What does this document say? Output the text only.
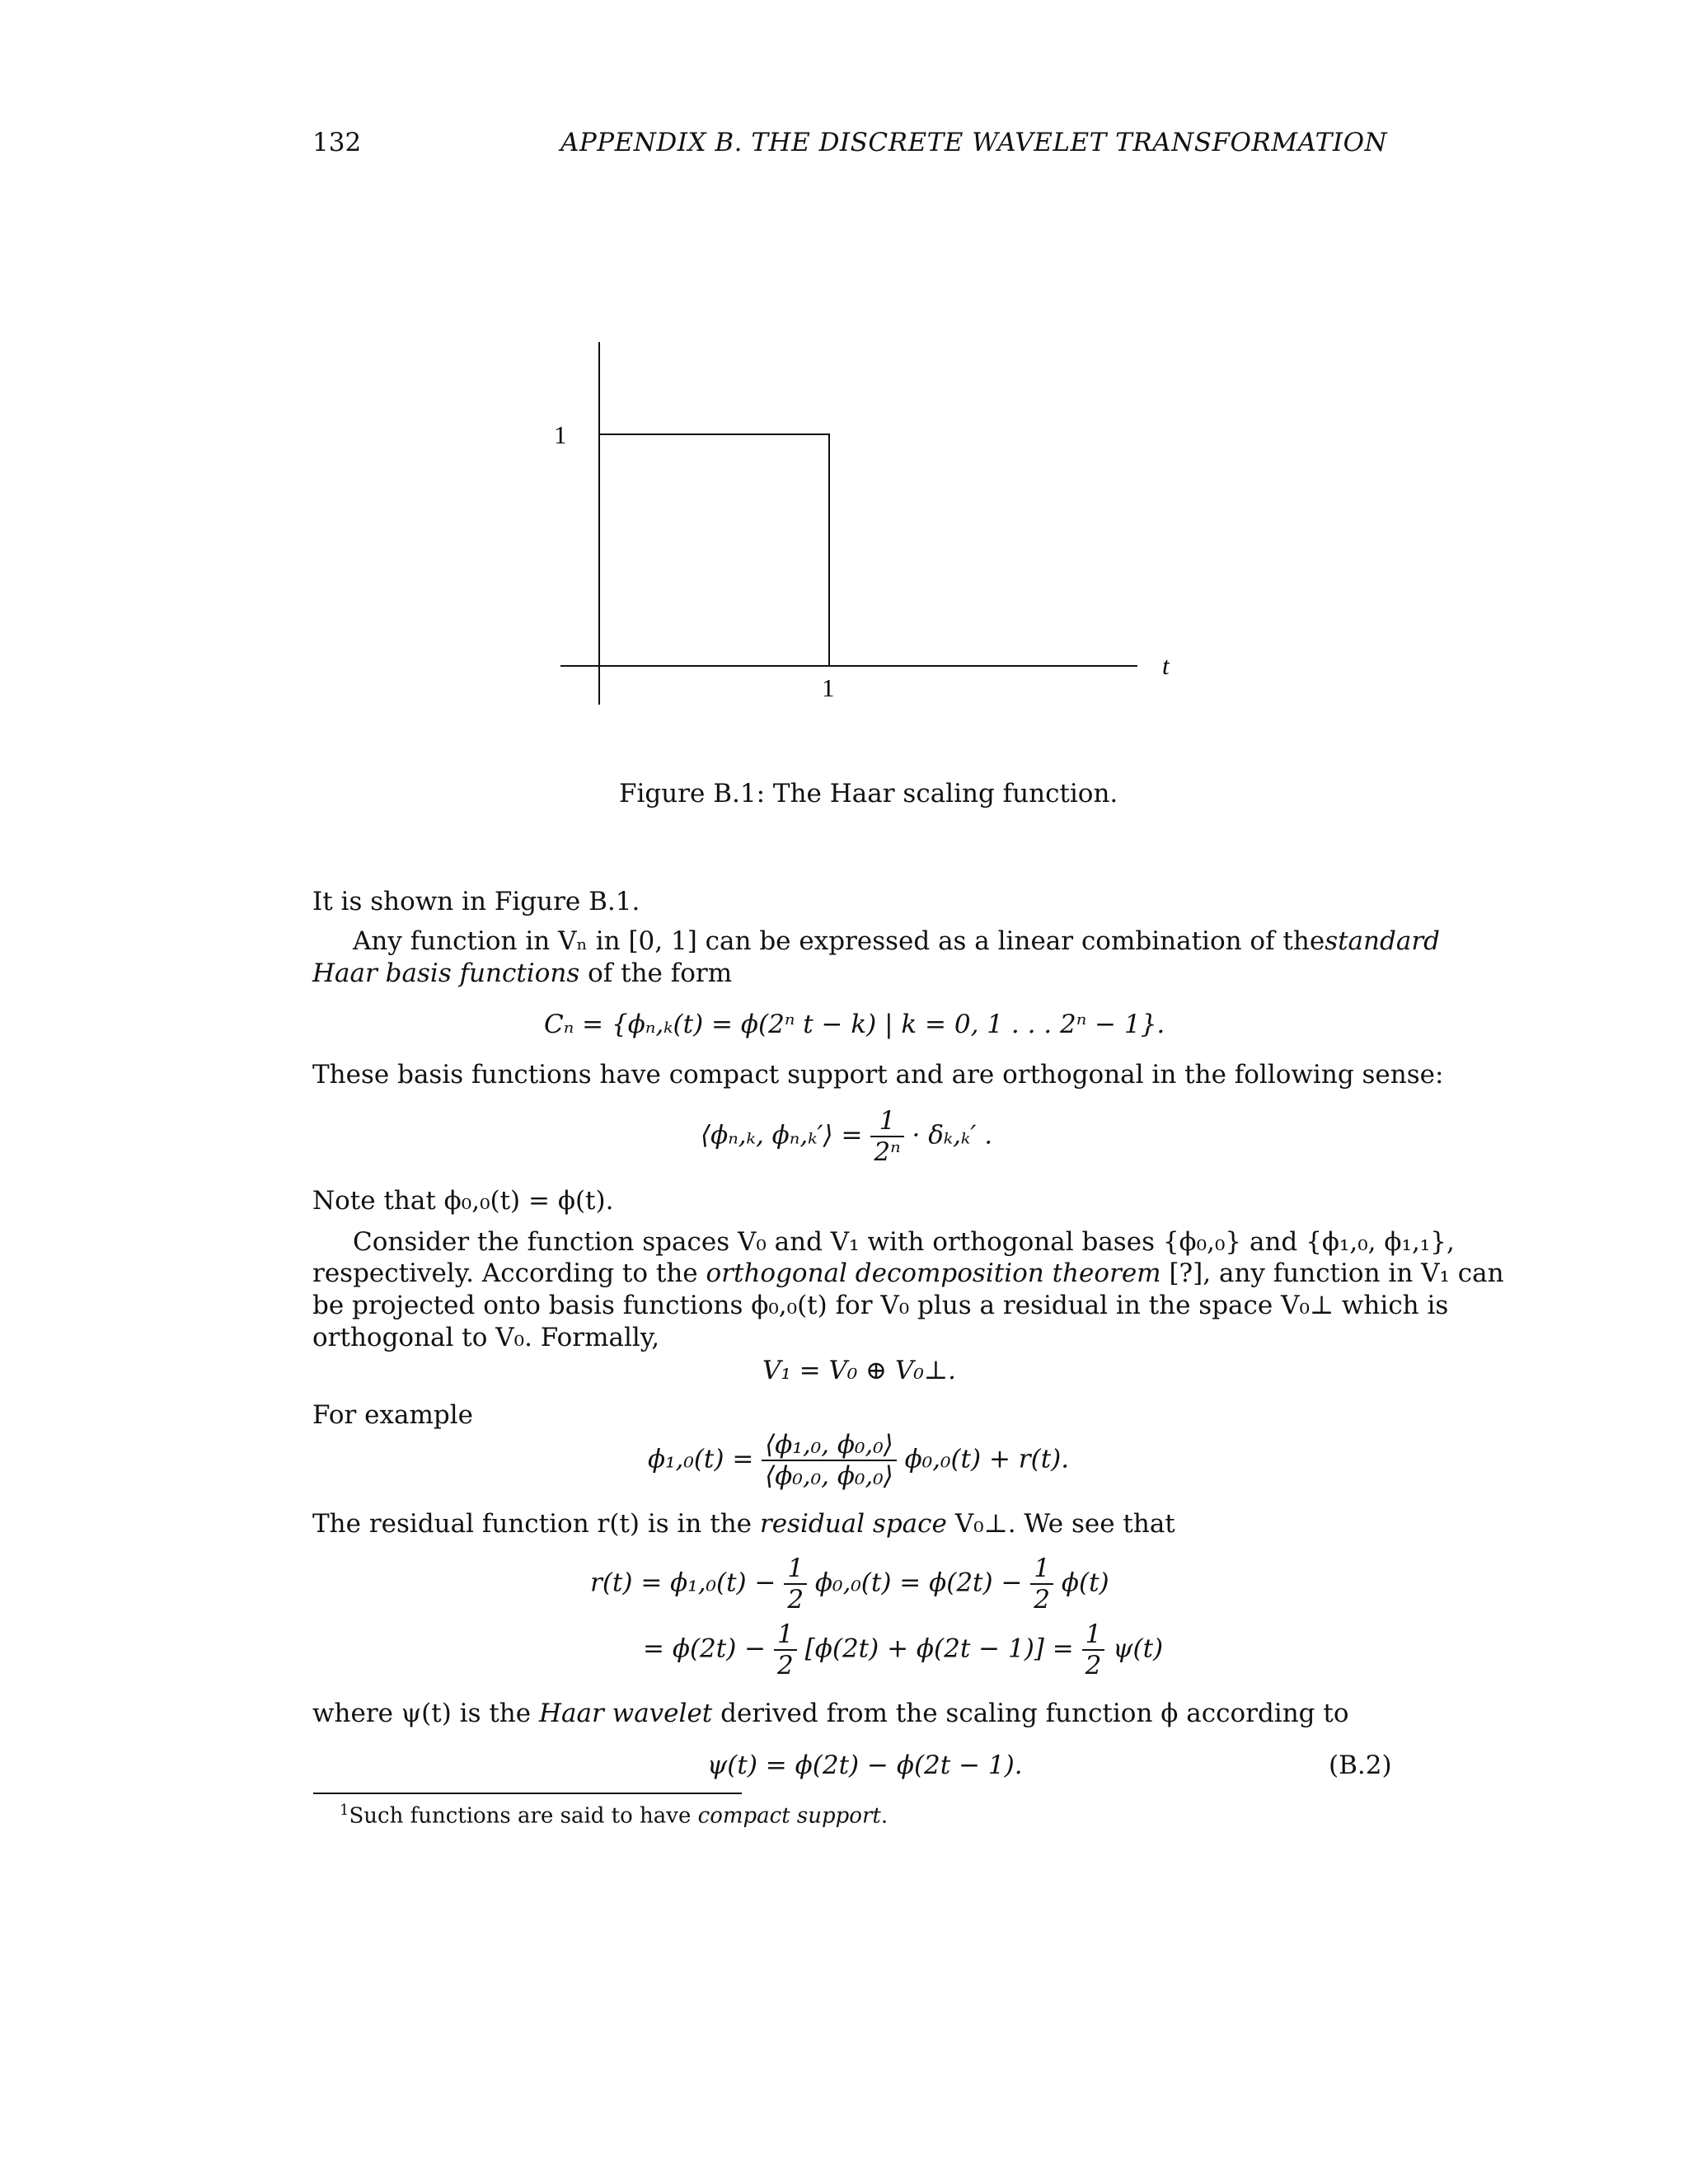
132	APPENDIX B. THE DISCRETE WAVELET TRANSFORMATION
1
1
t
Figure B.1: The Haar scaling function.
It is shown in Figure B.1.
Any function in Vₙ in [0, 1] can be expressed as a linear combination of the standard
Haar basis functions of the form
Cₙ = {ϕₙ,ₖ(t) = ϕ(2ⁿ t − k) | k = 0, 1 . . . 2ⁿ − 1}.
These basis functions have compact support and are orthogonal in the following sense:
⟨ϕₙ,ₖ, ϕₙ,ₖ′⟩ = $\frac{1}{\text{2ⁿ}} \cdot \delta_k,_k'$ .
Note that ϕ₀,₀(t) = ϕ(t).
Consider the function spaces V₀ and V₁ with orthogonal bases {ϕ₀,₀} and {ϕ₁,₀, ϕ₁,₁},
respectively. According to the orthogonal decomposition theorem [?], any function in V₁ can
be projected onto basis functions ϕ₀,₀(t) for V₀ plus a residual in the space V₀⊥ which is
orthogonal to V₀. Formally,
V₁ = V₀ ⊕ V₀⊥.
For example
$\phi_1,_0(t) = \frac{\text{⟨ϕ₁,₀, ϕ₀,₀⟩}}{\text{⟨ϕ₀,₀, ϕ₀,₀⟩}} \phi_0,_0(t) + r(t)$.
The residual function r(t) is in the residual space V₀⊥. We see that
$r(t) = \phi_1,_0(t) - \frac{1}{2} \phi_0,_0(t) = \phi(2t) - \frac{1}{2} \phi(t)$
= $\phi(2t) - \frac{1}{2} [\phi(2t) + \phi(2t - 1)] = \frac{1}{2} \psi(t)$
where ψ(t) is the Haar wavelet derived from the scaling function ϕ according to
ψ(t) = ϕ(2t) − ϕ(2t − 1).	(B.2)
$^1$Such functions are said to have compact support.
